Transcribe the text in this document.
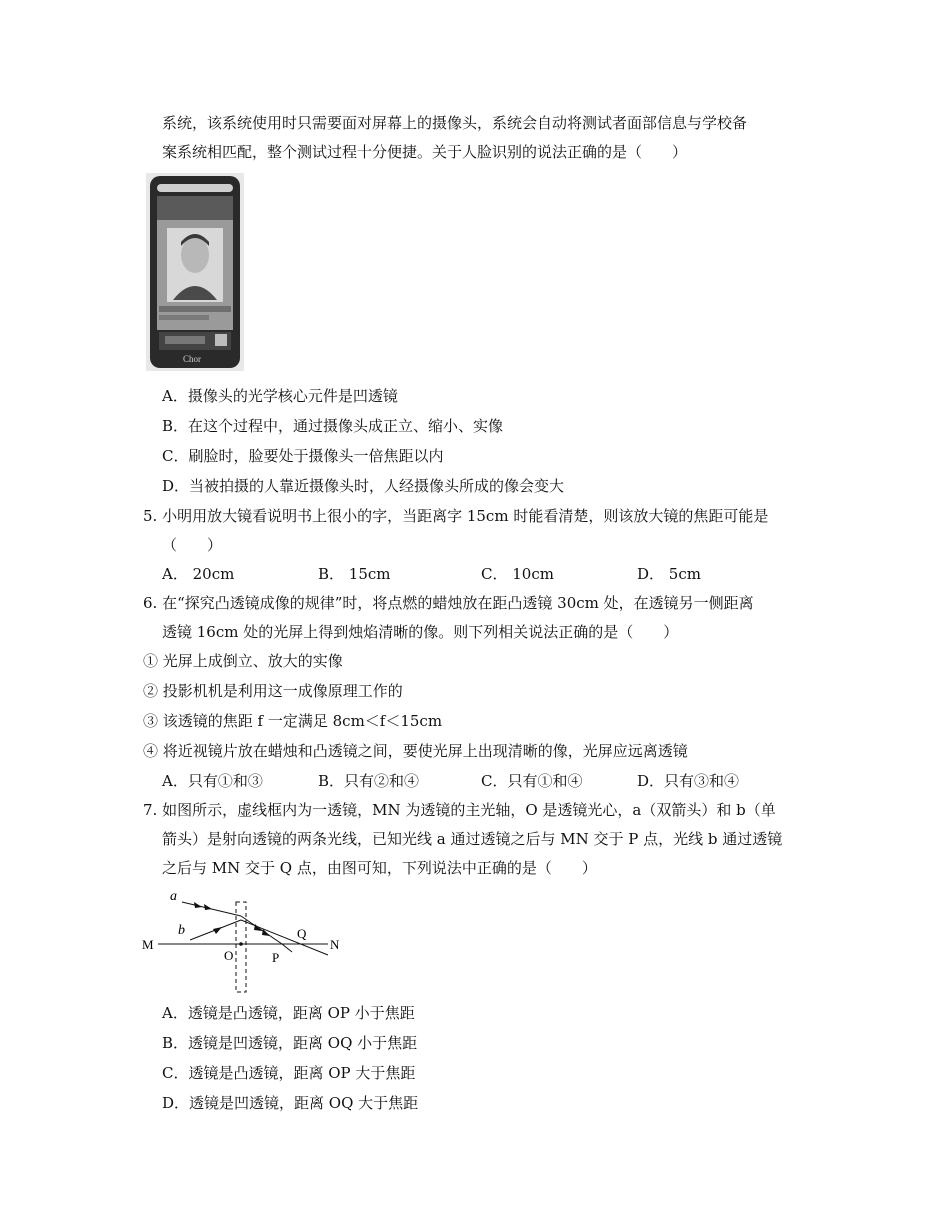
系统，该系统使用时只需要面对屏幕上的摄像头，系统会自动将测试者面部信息与学校备
案系统相匹配，整个测试过程十分便捷。关于人脸识别的说法正确的是（　　）
Chor
A．摄像头的光学核心元件是凹透镜
B．在这个过程中，通过摄像头成正立、缩小、实像
C．刷脸时，脸要处于摄像头一倍焦距以内
D．当被拍摄的人靠近摄像头时，人经摄像头所成的像会变大
5. 小明用放大镜看说明书上很小的字，当距离字 15cm 时能看清楚，则该放大镜的焦距可能是
（　　）
A． 20cm	B． 15cm	C． 10cm	D． 5cm
6. 在“探究凸透镜成像的规律”时，将点燃的蜡烛放在距凸透镜 30cm 处，在透镜另一侧距离
透镜 16cm 处的光屏上得到烛焰清晰的像。则下列相关说法正确的是（　　）
① 光屏上成倒立、放大的实像
② 投影机机是利用这一成像原理工作的
③ 该透镜的焦距 f 一定满足 8cm＜f＜15cm
④ 将近视镜片放在蜡烛和凸透镜之间，要使光屏上出现清晰的像，光屏应远离透镜
A．只有①和③	B．只有②和④	C．只有①和④	D．只有③和④
7. 如图所示，虚线框内为一透镜，MN 为透镜的主光轴，O 是透镜光心，a（双箭头）和 b（单
箭头）是射向透镜的两条光线，已知光线 a 通过透镜之后与 MN 交于 P 点，光线 b 通过透镜
之后与 MN 交于 Q 点，由图可知，下列说法中正确的是（　　）
M	N
O
a
P
b	Q
A．透镜是凸透镜，距离 OP 小于焦距
B．透镜是凹透镜，距离 OQ 小于焦距
C．透镜是凸透镜，距离 OP 大于焦距
D．透镜是凹透镜，距离 OQ 大于焦距
